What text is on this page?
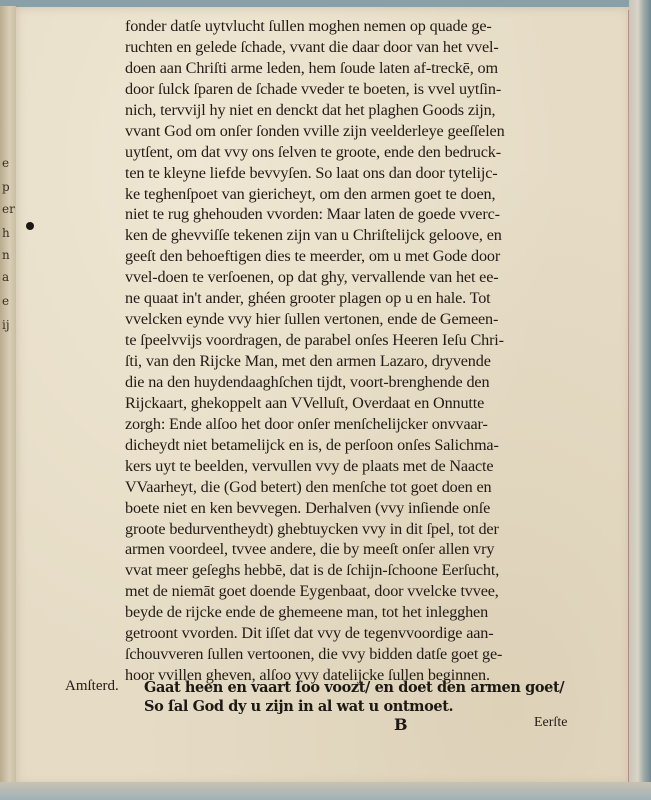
e
p
er
h
n
a
e
ij
fonder datſe uytvlucht ſullen moghen nemen op quade ge-
ruchten en gelede ſchade, vvant die daar door van het vvel-
doen aan Chriſti arme leden, hem ſoude laten af-treckē, om
door ſulck ſparen de ſchade vveder te boeten, is vvel uytſin-
nich, tervvijl hy niet en denckt dat het plaghen Goods zijn,
vvant God om onſer ſonden vville zijn veelderleye geeſſelen
uytſent, om dat vvy ons ſelven te groote, ende den bedruck-
ten te kleyne liefde bevvyſen. So laat ons dan door tytelijc-
ke teghenſpoet van giericheyt, om den armen goet te doen,
niet te rug ghehouden vvorden: Maar laten de goede vverc-
ken de ghevviſſe tekenen zijn van u Chriſtelijck geloove, en
geeſt den behoeftigen dies te meerder, om u met Gode door
vvel-doen te verſoenen, op dat ghy, vervallende van het ee-
ne quaat in't ander, ghéen grooter plagen op u en hale. Tot
vvelcken eynde vvy hier ſullen vertonen, ende de Gemeen-
te ſpeelvvijs voordragen, de parabel onſes Heeren Ieſu Chri-
ſti, van den Rijcke Man, met den armen Lazaro, dryvende
die na den huydendaaghſchen tijdt, voort-brenghende den
Rijckaart, ghekoppelt aan VVelluſt, Overdaat en Onnutte
zorgh: Ende alſoo het door onſer menſchelijcker onvvaar-
dicheydt niet betamelijck en is, de perſoon onſes Salichma-
kers uyt te beelden, vervullen vvy de plaats met de Naacte
VVaarheyt, die (God betert) den menſche tot goet doen en
boete niet en ken bevvegen. Derhalven (vvy inſiende onſe
groote bedurventheydt) ghebtuycken vvy in dit ſpel, tot der
armen voordeel, tvvee andere, die by meeſt onſer allen vry
vvat meer geſeghs hebbē, dat is de ſchijn-ſchoone Eerſucht,
met de niemāt goet doende Eygenbaat, door vvelcke tvvee,
beyde de rijcke ende de ghemeene man, tot het inlegghen
getroont vvorden. Dit iſſet dat vvy de tegenvvoordige aan-
ſchouvveren ſullen vertoonen, die vvy bidden datſe goet ge-
hoor vvillen gheven, alſoo vvy datelijcke ſullen beginnen.
Amſterd. Gaat heen en vaart ſoo voozt/ en doet den armen goet/
So ſal God dy u zijn in al wat u ontmoet.
B	Eerſte
